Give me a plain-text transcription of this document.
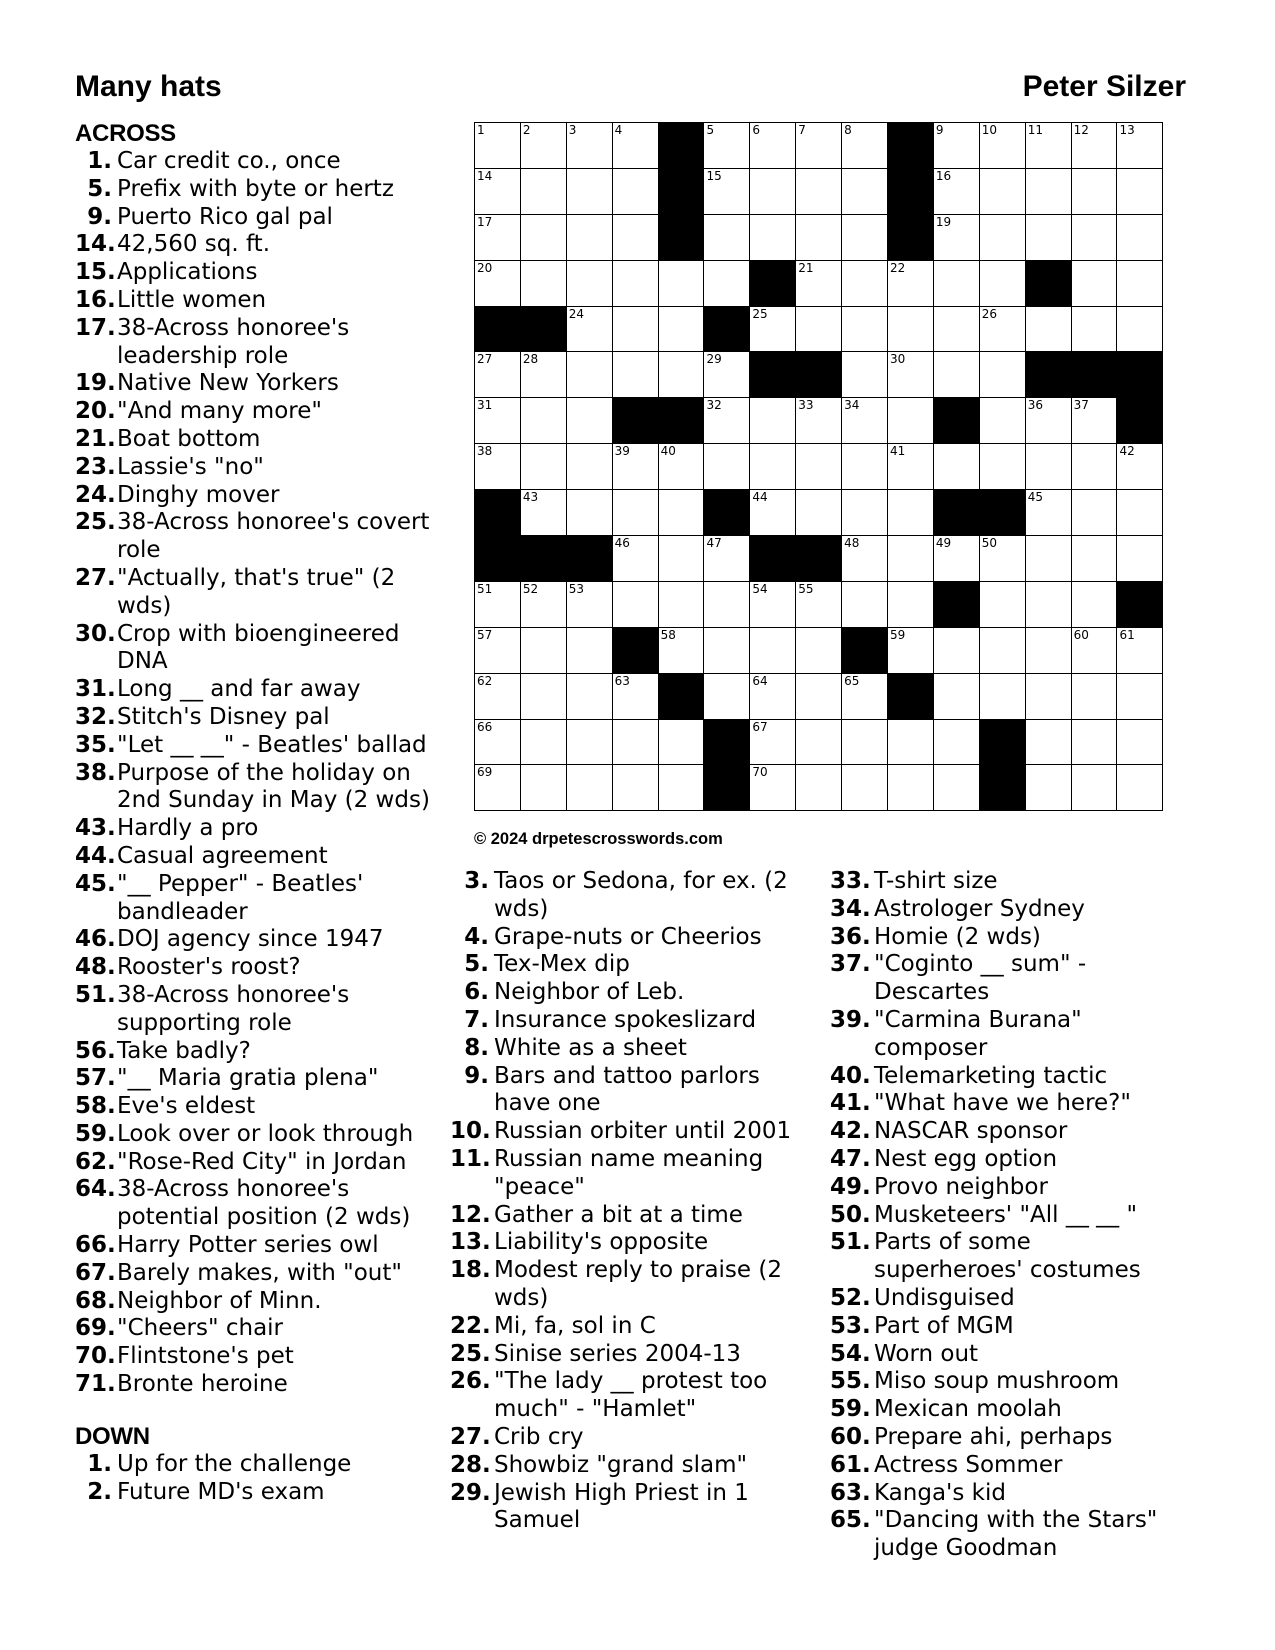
Many hats	Peter Silzer
ACROSS
1. Car credit co., once
5. Prefix with byte or hertz
9. Puerto Rico gal pal
14. 42,560 sq. ft.
15. Applications
16. Little women
17. 38-Across honoree's leadership role
19. Native New Yorkers
20. "And many more"
21. Boat bottom
23. Lassie's "no"
24. Dinghy mover
25. 38-Across honoree's covert role
27. "Actually, that's true" (2 wds)
30. Crop with bioengineered DNA
31. Long __ and far away
32. Stitch's Disney pal
35. "Let __ __" - Beatles' ballad
38. Purpose of the holiday on 2nd Sunday in May (2 wds)
43. Hardly a pro
44. Casual agreement
45. "__ Pepper" - Beatles' bandleader
46. DOJ agency since 1947
48. Rooster's roost?
51. 38-Across honoree's supporting role
56. Take badly?
57. "__ Maria gratia plena"
58. Eve's eldest
59. Look over or look through
62. "Rose-Red City" in Jordan
64. 38-Across honoree's potential position (2 wds)
66. Harry Potter series owl
67. Barely makes, with "out"
68. Neighbor of Minn.
69. "Cheers" chair
70. Flintstone's pet
71. Bronte heroine
DOWN
1. Up for the challenge
2. Future MD's exam
1	2	3	4		5	6	7	8		9	10	11	12	13

14					15					16				

17										19				

20							21		22					

		24				25					26			

27	28				29				30					

31					32		33	34				36	37	

38			39	40					41					42

	43					44						45		

			46		47			48		49	50			

51	52	53				54	55							

57				58					59				60	61

62			63			64		65						

66						67								

69						70								

© 2024 drpetescrosswords.com
3. Taos or Sedona, for ex. (2 wds)
4. Grape-nuts or Cheerios
5. Tex-Mex dip
6. Neighbor of Leb.
7. Insurance spokeslizard
8. White as a sheet
9. Bars and tattoo parlors have one
10. Russian orbiter until 2001
11. Russian name meaning "peace"
12. Gather a bit at a time
13. Liability's opposite
18. Modest reply to praise (2 wds)
22. Mi, fa, sol in C
25. Sinise series 2004-13
26. "The lady __ protest too much" - "Hamlet"
27. Crib cry
28. Showbiz "grand slam"
29. Jewish High Priest in 1 Samuel
33. T-shirt size
34. Astrologer Sydney
36. Homie (2 wds)
37. "Coginto __ sum" - Descartes
39. "Carmina Burana" composer
40. Telemarketing tactic
41. "What have we here?"
42. NASCAR sponsor
47. Nest egg option
49. Provo neighbor
50. Musketeers' "All __ __ "
51. Parts of some superheroes' costumes
52. Undisguised
53. Part of MGM
54. Worn out
55. Miso soup mushroom
59. Mexican moolah
60. Prepare ahi, perhaps
61. Actress Sommer
63. Kanga's kid
65. "Dancing with the Stars" judge Goodman
